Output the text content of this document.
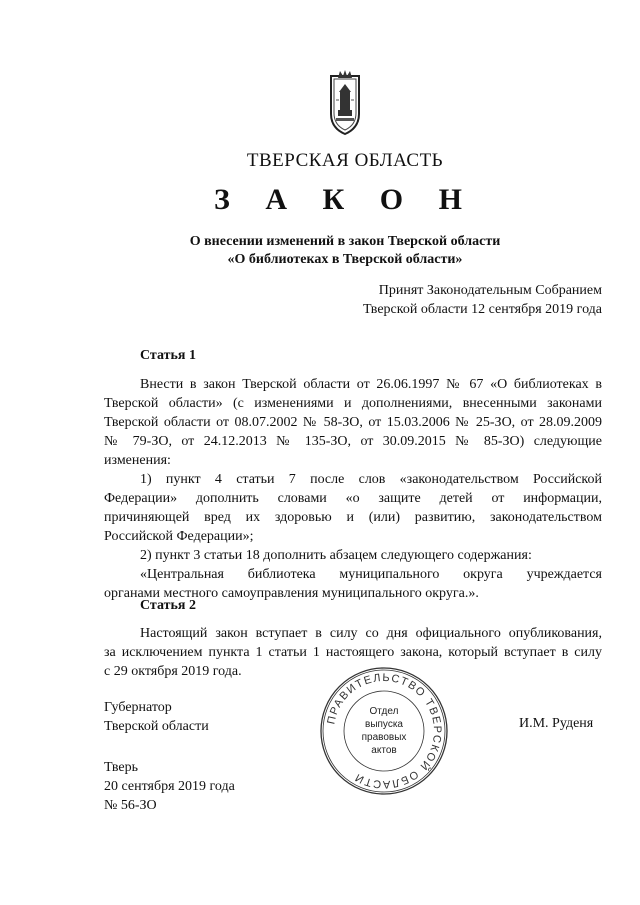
ТВЕРСКАЯ ОБЛАСТЬ
З А К О Н
О внесении изменений в закон Тверской области
«О библиотеках в Тверской области»
Принят Законодательным Собранием
Тверской области 12 сентября 2019 года
Статья 1
Внести в закон Тверской области от 26.06.1997 № 67 «О библиотеках в
Тверской области» (с изменениями и дополнениями, внесенными законами
Тверской области от 08.07.2002 № 58-ЗО, от 15.03.2006 № 25-ЗО, от 28.09.2009
№ 79-ЗО, от 24.12.2013 № 135-ЗО, от 30.09.2015 № 85-ЗО) следующие
изменения:
1) пункт 4 статьи 7 после слов «законодательством Российской
Федерации» дополнить словами «о защите детей от информации,
причиняющей вред их здоровью и (или) развитию, законодательством
Российской Федерации»;
2) пункт 3 статьи 18 дополнить абзацем следующего содержания:
«Центральная библиотека муниципального округа учреждается
органами местного самоуправления муниципального округа.».
Статья 2
Настоящий закон вступает в силу со дня официального опубликования,
за исключением пункта 1 статьи 1 настоящего закона, который вступает в силу
с 29 октября 2019 года.
Губернатор
Тверской области	И.М. Руденя
Тверь
20 сентября 2019 года
№ 56-ЗО
ПРАВИТЕЛЬСТВО ТВЕРСКОЙ ОБЛАСТИ
Отдел
выпуска
правовых
актов
